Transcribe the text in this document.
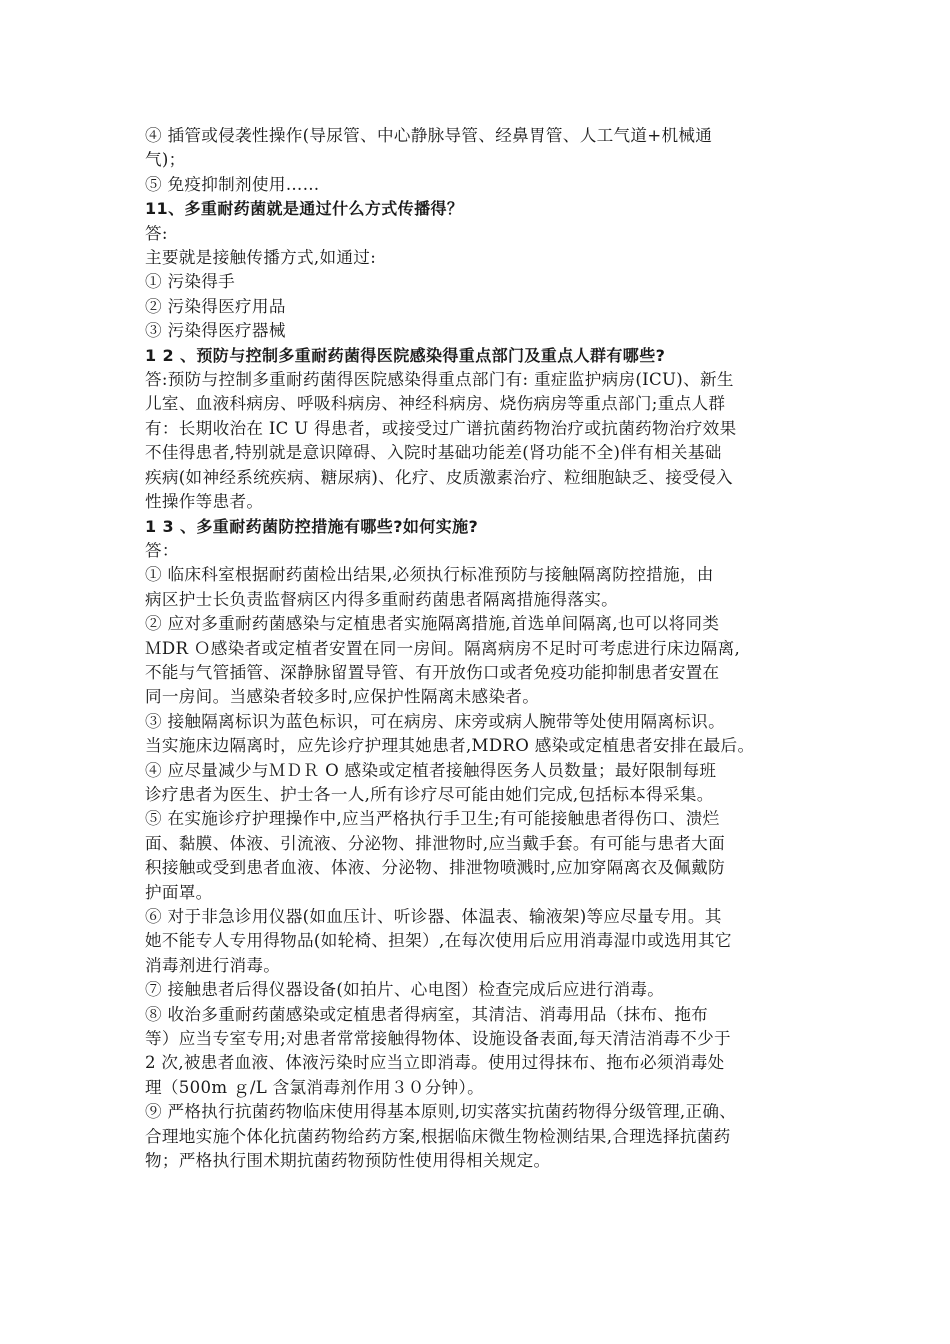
④ 插管或侵袭性操作(导尿管、中心静脉导管、经鼻胃管、人工气道+机械通
气)；
⑤ 免疫抑制剂使用……
11、多重耐药菌就是通过什么方式传播得？
答:
主要就是接触传播方式,如通过:
① 污染得手
② 污染得医疗用品
③ 污染得医疗器械
1 2 、预防与控制多重耐药菌得医院感染得重点部门及重点人群有哪些?
答:预防与控制多重耐药菌得医院感染得重点部门有: 重症监护病房(ICU)、新生
儿室、血液科病房、呼吸科病房、神经科病房、烧伤病房等重点部门;重点人群
有：长期收治在 IC U 得患者，或接受过广谱抗菌药物治疗或抗菌药物治疗效果
不佳得患者,特别就是意识障碍、入院时基础功能差(肾功能不全)伴有相关基础
疾病(如神经系统疾病、糖尿病)、化疗、皮质激素治疗、粒细胞缺乏、接受侵入
性操作等患者。
1 3 、多重耐药菌防控措施有哪些?如何实施?
答：
① 临床科室根据耐药菌检出结果,必须执行标准预防与接触隔离防控措施，由
病区护士长负责监督病区内得多重耐药菌患者隔离措施得落实。
② 应对多重耐药菌感染与定植患者实施隔离措施,首选单间隔离,也可以将同类
ＭDR Ｏ感染者或定植者安置在同一房间。隔离病房不足时可考虑进行床边隔离,
不能与气管插管、深静脉留置导管、有开放伤口或者免疫功能抑制患者安置在
同一房间。当感染者较多时,应保护性隔离未感染者。
③ 接触隔离标识为蓝色标识，可在病房、床旁或病人腕带等处使用隔离标识。
当实施床边隔离时，应先诊疗护理其她患者,MDRO 感染或定植患者安排在最后。
④ 应尽量减少与ＭＤＲ O 感染或定植者接触得医务人员数量；最好限制每班
诊疗患者为医生、护士各一人,所有诊疗尽可能由她们完成,包括标本得采集。
⑤ 在实施诊疗护理操作中,应当严格执行手卫生;有可能接触患者得伤口、溃烂
面、黏膜、体液、引流液、分泌物、排泄物时,应当戴手套。有可能与患者大面
积接触或受到患者血液、体液、分泌物、排泄物喷溅时,应加穿隔离衣及佩戴防
护面罩。
⑥ 对于非急诊用仪器(如血压计、听诊器、体温表、输液架)等应尽量专用。其
她不能专人专用得物品(如轮椅、担架）,在每次使用后应用消毒湿巾或选用其它
消毒剂进行消毒。
⑦ 接触患者后得仪器设备(如拍片、心电图）检查完成后应进行消毒。
⑧ 收治多重耐药菌感染或定植患者得病室，其清洁、消毒用品（抹布、拖布
等）应当专室专用;对患者常常接触得物体、设施设备表面,每天清洁消毒不少于
2 次,被患者血液、体液污染时应当立即消毒。使用过得抹布、拖布必须消毒处
理（500m ｇ/L 含氯消毒剂作用３０分钟）。
⑨ 严格执行抗菌药物临床使用得基本原则,切实落实抗菌药物得分级管理,正确、
合理地实施个体化抗菌药物给药方案,根据临床微生物检测结果,合理选择抗菌药
物；严格执行围术期抗菌药物预防性使用得相关规定。
